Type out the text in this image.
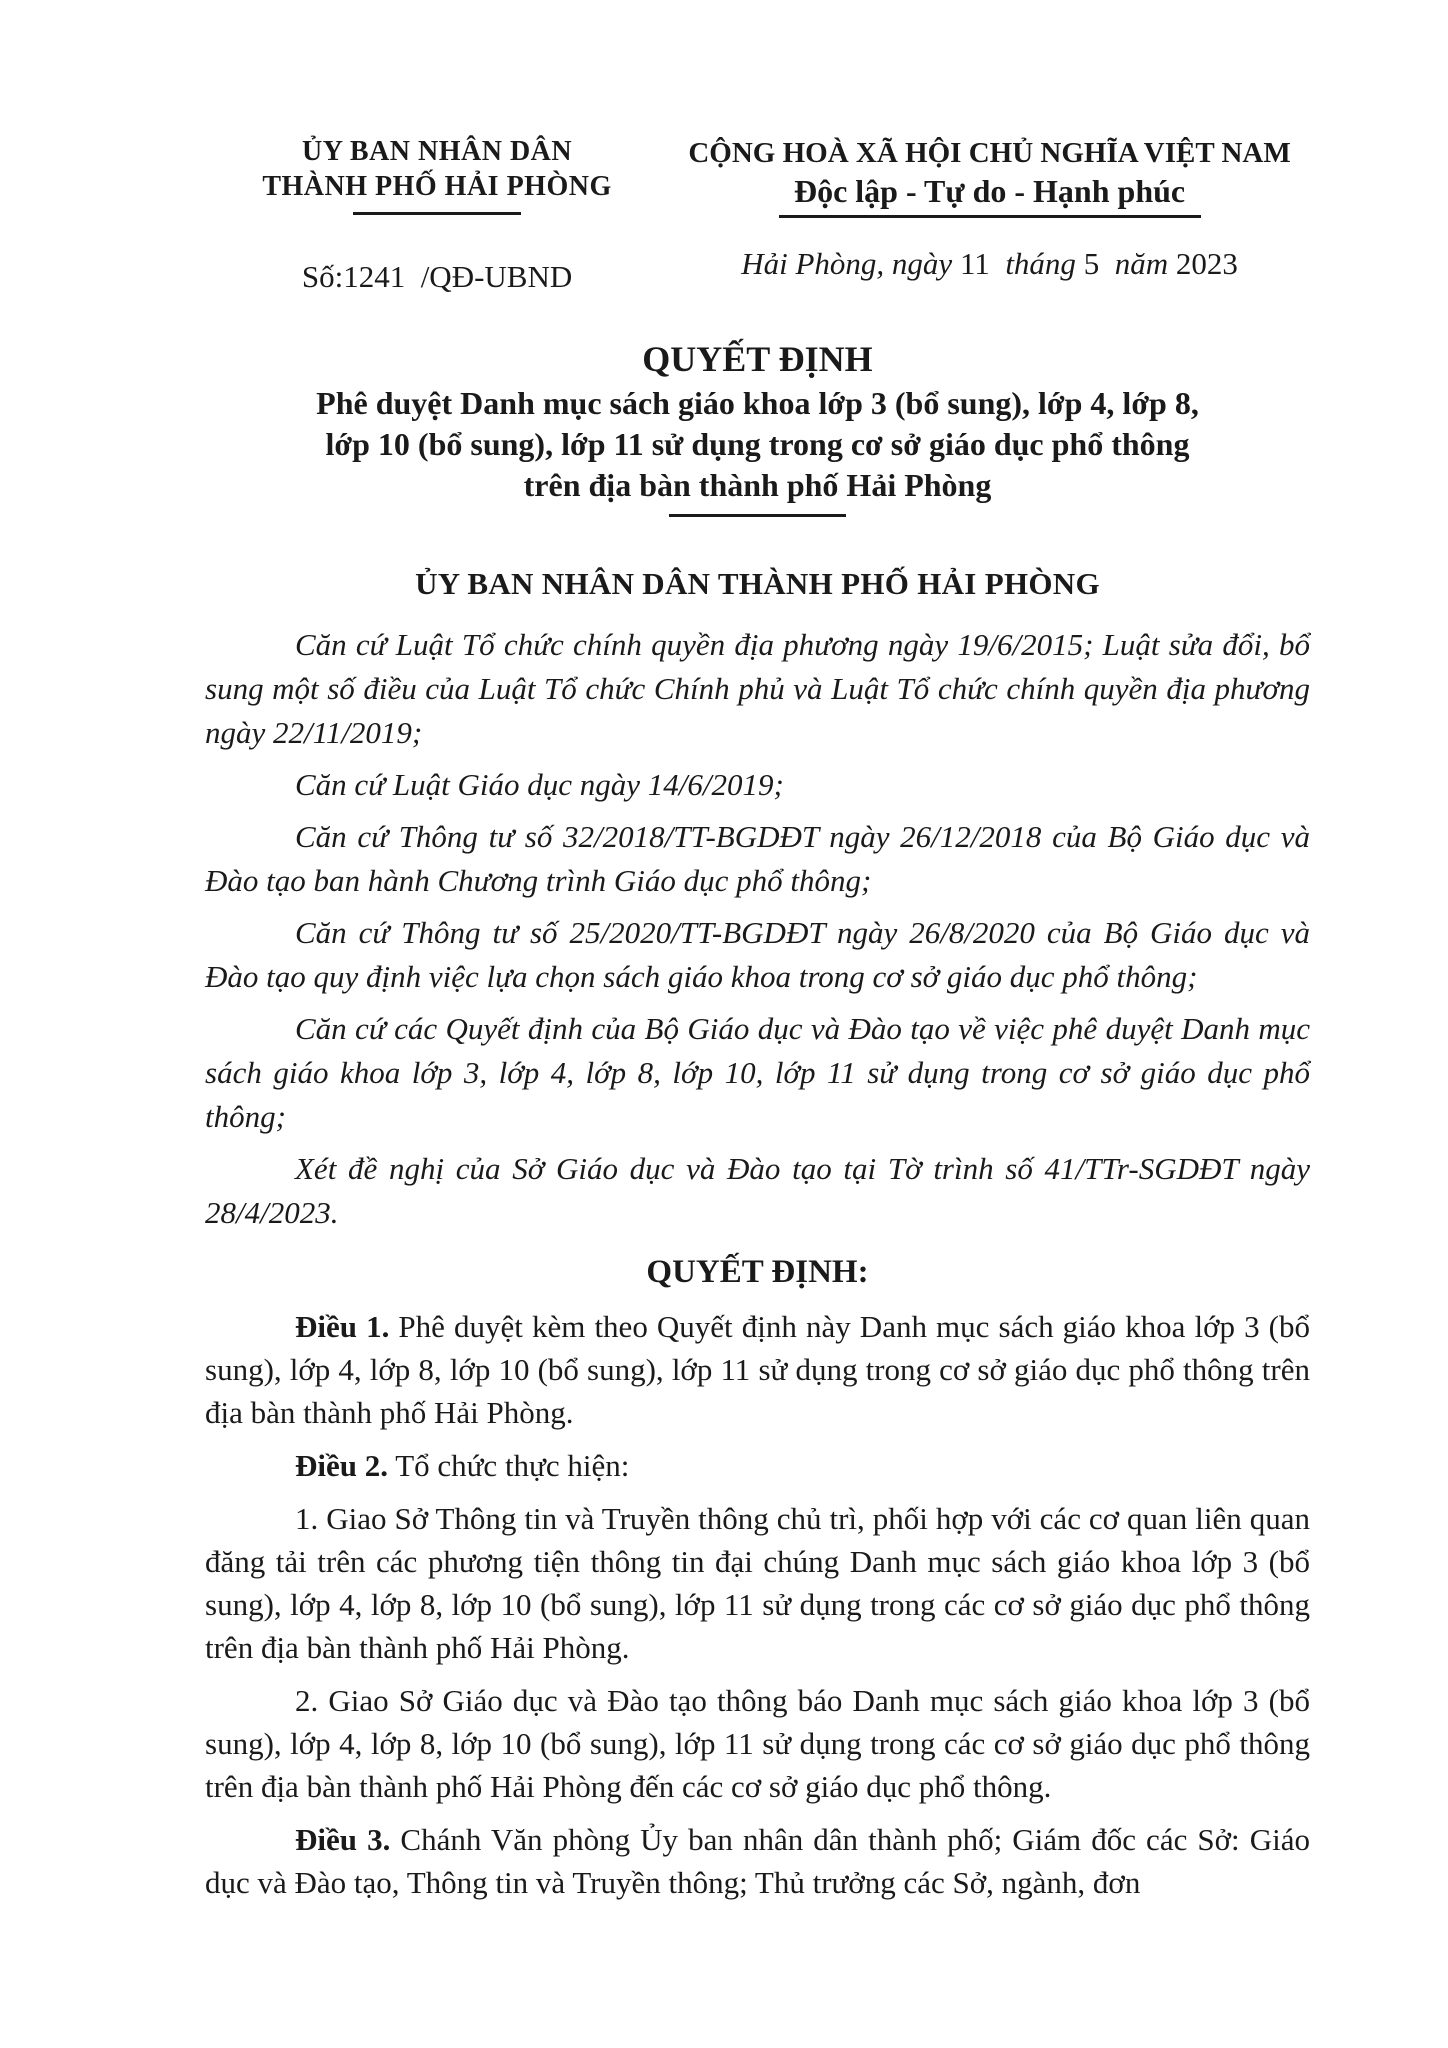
ỦY BAN NHÂN DÂN
THÀNH PHỐ HẢI PHÒNG
Số:1241  /QĐ-UBND
CỘNG HOÀ XÃ HỘI CHỦ NGHĨA VIỆT NAM
Độc lập - Tự do - Hạnh phúc
Hải Phòng, ngày 11  tháng 5  năm 2023
QUYẾT ĐỊNH
Phê duyệt Danh mục sách giáo khoa lớp 3 (bổ sung), lớp 4, lớp 8,
lớp 10 (bổ sung), lớp 11 sử dụng trong cơ sở giáo dục phổ thông
trên địa bàn thành phố Hải Phòng
ỦY BAN NHÂN DÂN THÀNH PHỐ HẢI PHÒNG

Căn cứ Luật Tổ chức chính quyền địa phương ngày 19/6/2015; Luật sửa đổi, bổ sung một số điều của Luật Tổ chức Chính phủ và Luật Tổ chức chính quyền địa phương ngày 22/11/2019;

Căn cứ Luật Giáo dục ngày 14/6/2019;

Căn cứ Thông tư số 32/2018/TT-BGDĐT ngày 26/12/2018 của Bộ Giáo dục và Đào tạo ban hành Chương trình Giáo dục phổ thông;

Căn cứ Thông tư số 25/2020/TT-BGDĐT ngày 26/8/2020 của Bộ Giáo dục và Đào tạo quy định việc lựa chọn sách giáo khoa trong cơ sở giáo dục phổ thông;

Căn cứ các Quyết định của Bộ Giáo dục và Đào tạo về việc phê duyệt Danh mục sách giáo khoa lớp 3, lớp 4, lớp 8, lớp 10, lớp 11 sử dụng trong cơ sở giáo dục phổ thông;

Xét đề nghị của Sở Giáo dục và Đào tạo tại Tờ trình số 41/TTr-SGDĐT ngày 28/4/2023.

QUYẾT ĐỊNH:

Điều 1. Phê duyệt kèm theo Quyết định này Danh mục sách giáo khoa lớp 3 (bổ sung), lớp 4, lớp 8, lớp 10 (bổ sung), lớp 11 sử dụng trong cơ sở giáo dục phổ thông trên địa bàn thành phố Hải Phòng.

Điều 2. Tổ chức thực hiện:

1. Giao Sở Thông tin và Truyền thông chủ trì, phối hợp với các cơ quan liên quan đăng tải trên các phương tiện thông tin đại chúng Danh mục sách giáo khoa lớp 3 (bổ sung), lớp 4, lớp 8, lớp 10 (bổ sung), lớp 11 sử dụng trong các cơ sở giáo dục phổ thông trên địa bàn thành phố Hải Phòng.

2. Giao Sở Giáo dục và Đào tạo thông báo Danh mục sách giáo khoa lớp 3 (bổ sung), lớp 4, lớp 8, lớp 10 (bổ sung), lớp 11 sử dụng trong các cơ sở giáo dục phổ thông trên địa bàn thành phố Hải Phòng đến các cơ sở giáo dục phổ thông.

Điều 3. Chánh Văn phòng Ủy ban nhân dân thành phố; Giám đốc các Sở: Giáo dục và Đào tạo, Thông tin và Truyền thông; Thủ trưởng các Sở, ngành, đơn
